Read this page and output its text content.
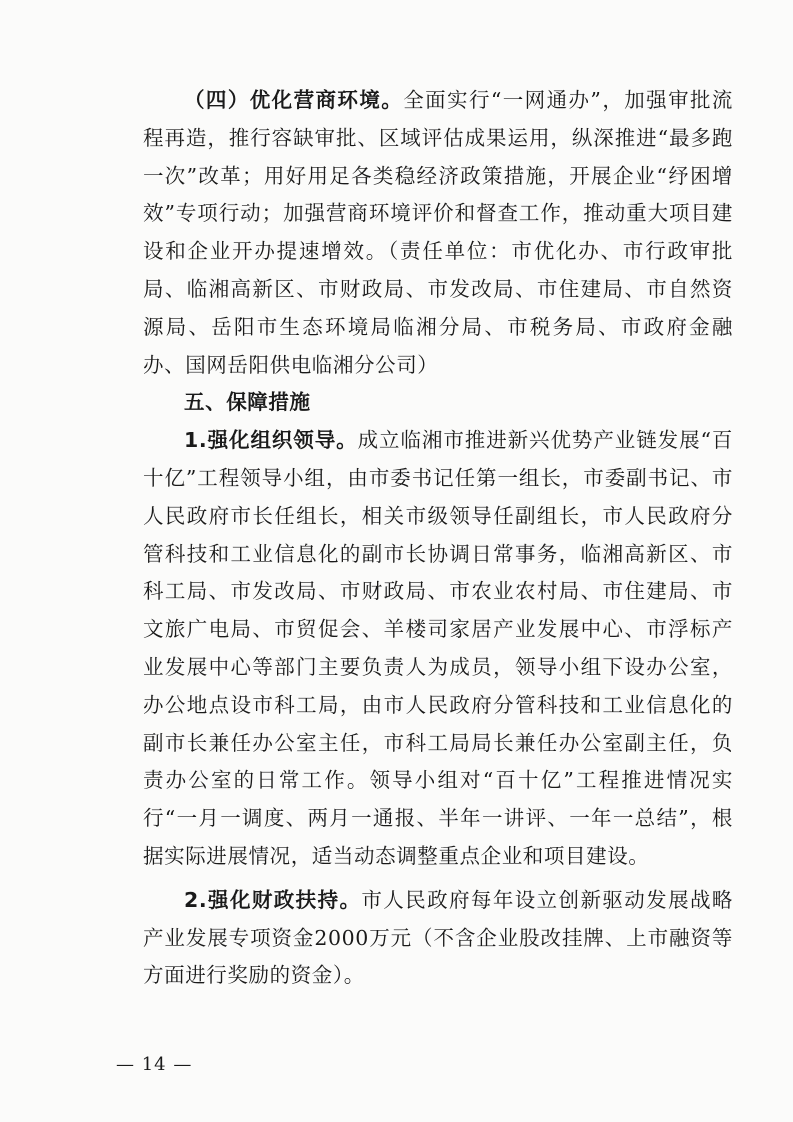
（四）优化营商环境。全面实行“一网通办”，加强审批流程再造，推行容缺审批、区域评估成果运用，纵深推进“最多跑一次”改革；用好用足各类稳经济政策措施，开展企业“纾困增效”专项行动；加强营商环境评价和督查工作，推动重大项目建设和企业开办提速增效。（责任单位：市优化办、市行政审批局、临湘高新区、市财政局、市发改局、市住建局、市自然资源局、岳阳市生态环境局临湘分局、市税务局、市政府金融办、国网岳阳供电临湘分公司）

五、保障措施

1.强化组织领导。成立临湘市推进新兴优势产业链发展“百十亿”工程领导小组，由市委书记任第一组长，市委副书记、市人民政府市长任组长，相关市级领导任副组长，市人民政府分管科技和工业信息化的副市长协调日常事务，临湘高新区、市科工局、市发改局、市财政局、市农业农村局、市住建局、市文旅广电局、市贸促会、羊楼司家居产业发展中心、市浮标产业发展中心等部门主要负责人为成员，领导小组下设办公室，办公地点设市科工局，由市人民政府分管科技和工业信息化的副市长兼任办公室主任，市科工局局长兼任办公室副主任，负责办公室的日常工作。领导小组对“百十亿”工程推进情况实行“一月一调度、两月一通报、半年一讲评、一年一总结”，根据实际进展情况，适当动态调整重点企业和项目建设。

2.强化财政扶持。市人民政府每年设立创新驱动发展战略产业发展专项资金2000万元（不含企业股改挂牌、上市融资等方面进行奖励的资金）。

— 14 —
